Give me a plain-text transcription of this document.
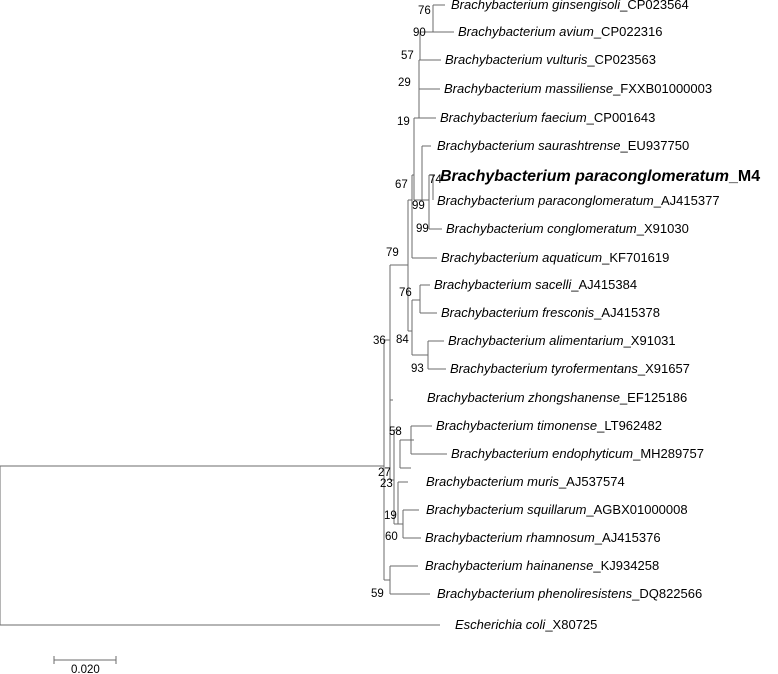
Brachybacterium ginsengisoli_CP023564
Brachybacterium avium_CP022316
Brachybacterium vulturis_CP023563
Brachybacterium massiliense_FXXB01000003
Brachybacterium faecium_CP001643
Brachybacterium saurashtrense_EU937750
Brachybacterium paraconglomeratum_M4
Brachybacterium paraconglomeratum_AJ415377
Brachybacterium conglomeratum_X91030
Brachybacterium aquaticum_KF701619
Brachybacterium sacelli_AJ415384
Brachybacterium fresconis_AJ415378
Brachybacterium alimentarium_X91031
Brachybacterium tyrofermentans_X91657
Brachybacterium zhongshanense_EF125186
Brachybacterium timonense_LT962482
Brachybacterium endophyticum_MH289757
Brachybacterium muris_AJ537574
Brachybacterium squillarum_AGBX01000008
Brachybacterium rhamnosum_AJ415376
Brachybacterium hainanense_KJ934258
Brachybacterium phenoliresistens_DQ822566
Escherichia coli_X80725
76
90
57
29
19
74
67
99
99
79
76
84
93
36
58
27
23
19
60
59
0.020
